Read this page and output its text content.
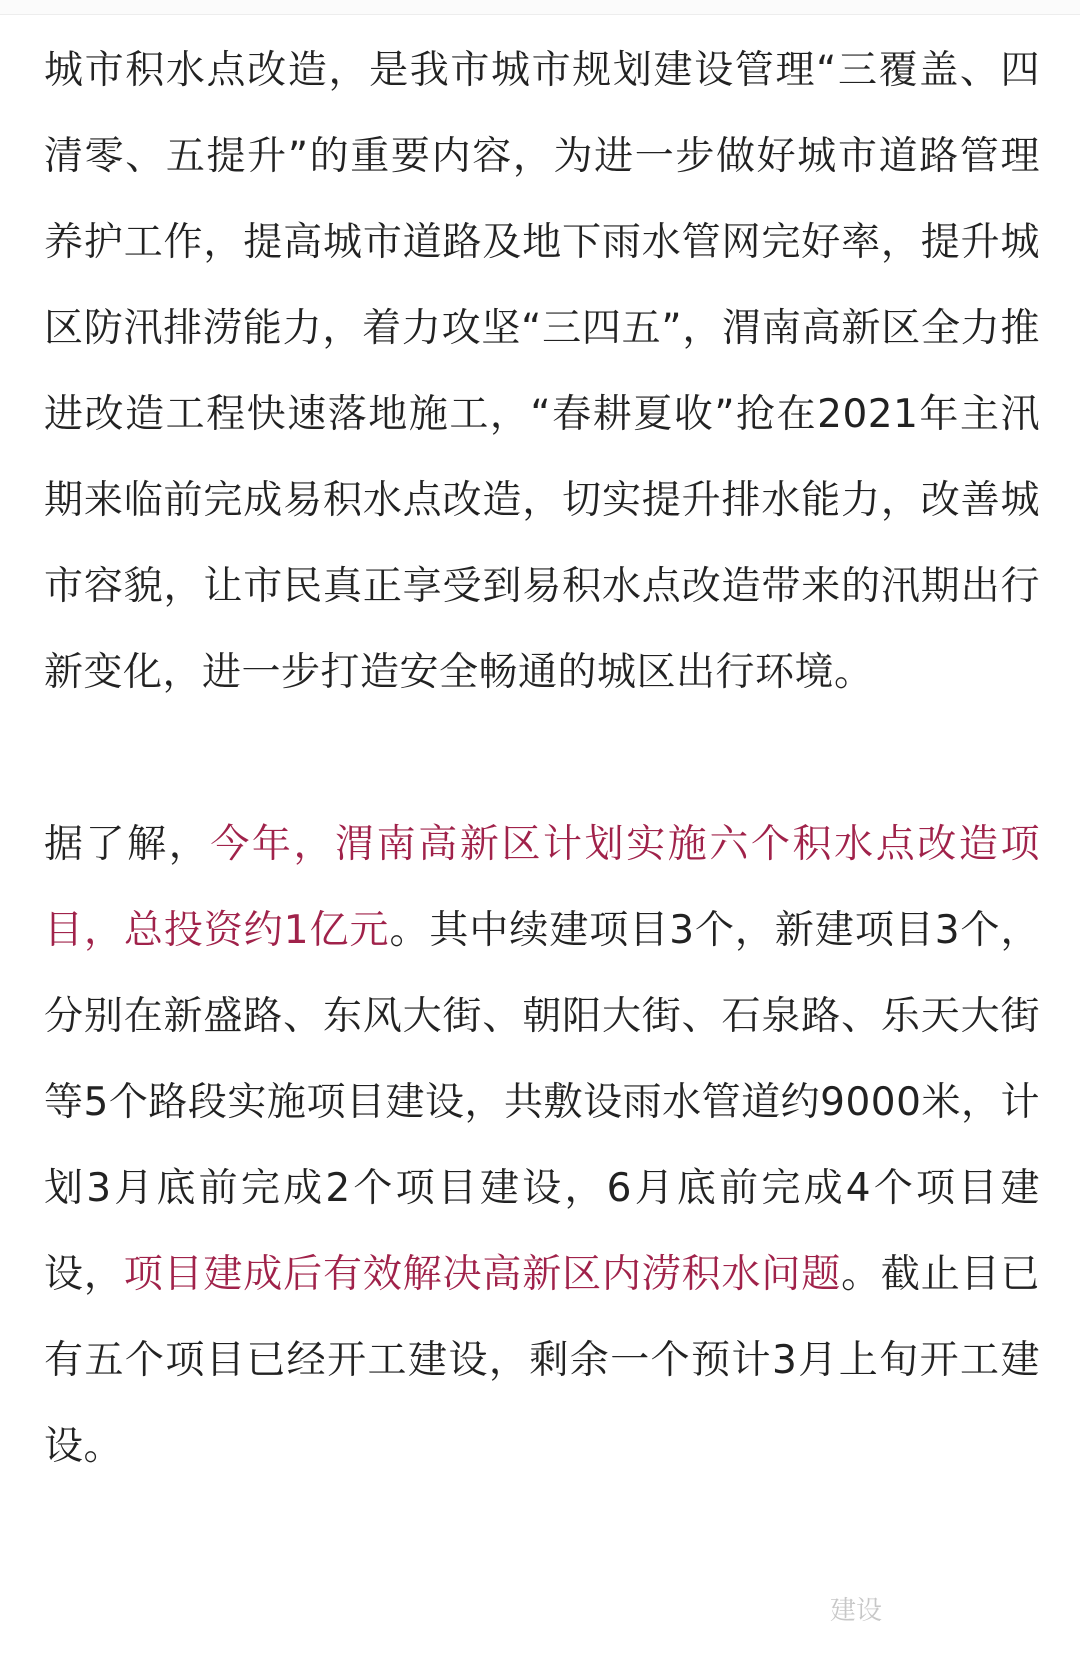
城市积水点改造，是我市城市规划建设管理“三覆盖、四清零、五提升”的重要内容，为进一步做好城市道路管理养护工作，提高城市道路及地下雨水管网完好率，提升城区防汛排涝能力，着力攻坚“三四五”，渭南高新区全力推进改造工程快速落地施工，“春耕夏收”抢在2021年主汛期来临前完成易积水点改造，切实提升排水能力，改善城市容貌，让市民真正享受到易积水点改造带来的汛期出行新变化，进一步打造安全畅通的城区出行环境。

据了解，今年，渭南高新区计划实施六个积水点改造项目，总投资约1亿元。其中续建项目3个，新建项目3个，分别在新盛路、东风大街、朝阳大街、石泉路、乐天大街等5个路段实施项目建设，共敷设雨水管道约9000米，计划3月底前完成2个项目建设，6月底前完成4个项目建设，项目建成后有效解决高新区内涝积水问题。截止目已有五个项目已经开工建设，剩余一个预计3月上旬开工建设。

建设
